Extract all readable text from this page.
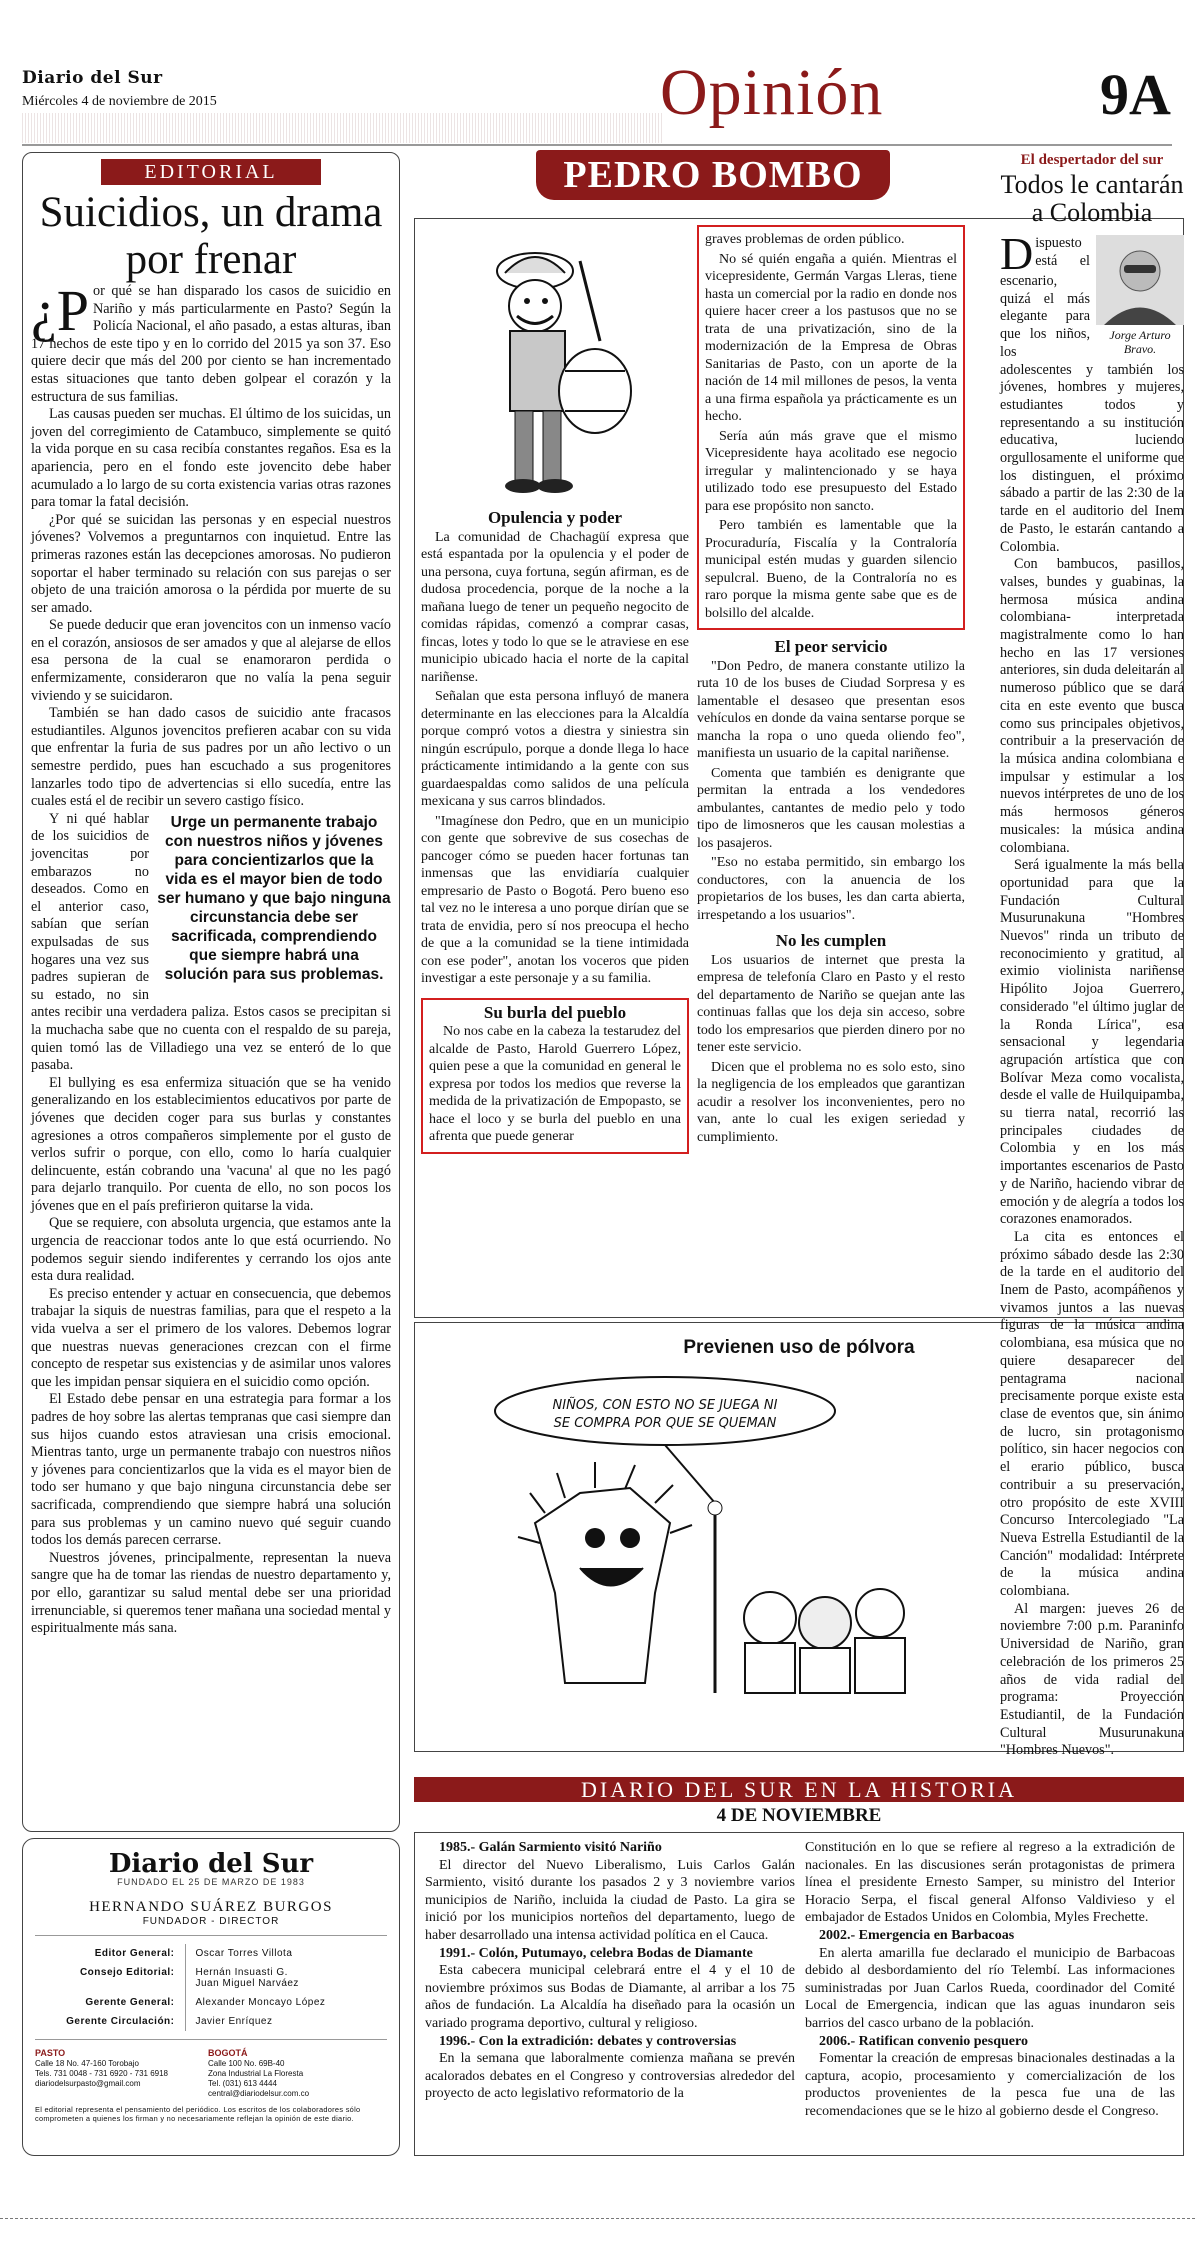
Diario del Sur
Miércoles 4 de noviembre de 2015	Opinión	9A
EDITORIAL
Suicidios, un drama por frenar

¿P or qué se han disparado los casos de suicidio en Nariño y más particularmente en Pasto? Según la Policía Nacional, el año pasado, a estas alturas, iban 17 hechos de este tipo y en lo corrido del 2015 ya son 37. Eso quiere decir que más del 200 por ciento se han incrementado estas situaciones que tanto deben golpear el corazón y la estructura de sus familias.

Las causas pueden ser muchas. El último de los suicidas, un joven del corregimiento de Catambuco, simplemente se quitó la vida porque en su casa recibía constantes regaños. Esa es la apariencia, pero en el fondo este jovencito debe haber acumulado a lo largo de su corta existencia varias otras razones para tomar la fatal decisión.

¿Por qué se suicidan las personas y en especial nuestros jóvenes? Volvemos a preguntarnos con inquietud. Entre las primeras razones están las decepciones amorosas. No pudieron soportar el haber terminado su relación con sus parejas o ser objeto de una traición amorosa o la pérdida por muerte de su ser amado.

Se puede deducir que eran jovencitos con un inmenso vacío en el corazón, ansiosos de ser amados y que al alejarse de ellos esa persona de la cual se enamoraron perdida o enfermizamente, consideraron que no valía la pena seguir viviendo y se suicidaron.

También se han dado casos de suicidio ante fracasos estudiantiles. Algunos jovencitos prefieren acabar con su vida que enfrentar la furia de sus padres por un año lectivo o un semestre perdido, pues han escuchado a sus progenitores lanzarles todo tipo de advertencias si ello sucedía, entre las cuales está el de recibir un severo castigo físico.

Urge un permanente trabajo con nuestros niños y jóvenes para concientizarlos que la vida es el mayor bien de todo ser humano y que bajo ninguna circunstancia debe ser sacrificada, comprendiendo que siempre habrá una solución para sus problemas.

Y ni qué hablar de los suicidios de jovencitas por embarazos no deseados. Como en el anterior caso, sabían que serían expulsadas de sus hogares una vez sus padres supieran de su estado, no sin antes recibir una verdadera paliza. Estos casos se precipitan si la muchacha sabe que no cuenta con el respaldo de su pareja, quien tomó las de Villadiego una vez se enteró de lo que pasaba.

El bullying es esa enfermiza situación que se ha venido generalizando en los establecimientos educativos por parte de jóvenes que deciden coger para sus burlas y constantes agresiones a otros compañeros simplemente por el gusto de verlos sufrir o porque, con ello, como lo haría cualquier delincuente, están cobrando una 'vacuna' al que no les pagó para dejarlo tranquilo. Por cuenta de ello, no son pocos los jóvenes que en el país prefirieron quitarse la vida.

Que se requiere, con absoluta urgencia, que estamos ante la urgencia de reaccionar todos ante lo que está ocurriendo. No podemos seguir siendo indiferentes y cerrando los ojos ante esta dura realidad.

Es preciso entender y actuar en consecuencia, que debemos trabajar la siquis de nuestras familias, para que el respeto a la vida vuelva a ser el primero de los valores. Debemos lograr que nuestras nuevas generaciones crezcan con el firme concepto de respetar sus existencias y de asimilar unos valores que les impidan pensar siquiera en el suicidio como opción.

El Estado debe pensar en una estrategia para formar a los padres de hoy sobre las alertas tempranas que casi siempre dan sus hijos cuando estos atraviesan una crisis emocional. Mientras tanto, urge un permanente trabajo con nuestros niños y jóvenes para concientizarlos que la vida es el mayor bien de todo ser humano y que bajo ninguna circunstancia debe ser sacrificada, comprendiendo que siempre habrá una solución para sus problemas y un camino nuevo qué seguir cuando todos los demás parecen cerrarse.

Nuestros jóvenes, principalmente, representan la nueva sangre que ha de tomar las riendas de nuestro departamento y, por ello, garantizar su salud mental debe ser una prioridad irrenunciable, si queremos tener mañana una sociedad mental y espiritualmente más sana.

Diario del Sur
FUNDADO EL 25 DE MARZO DE 1983
HERNANDO SUÁREZ BURGOS
FUNDADOR - DIRECTOR
Editor General:	Oscar Torres Villota
Consejo Editorial:	Hernán Insuasti G.
Juan Miguel Narváez
Gerente General:	Alexander Moncayo López
Gerente Circulación:	Javier Enríquez
PASTO
Calle 18 No. 47-160 Torobajo
Tels. 731 0048 - 731 6920 - 731 6918
diariodelsurpasto@gmail.com
BOGOTÁ
Calle 100 No. 69B-40
Zona Industrial La Floresta
Tel. (031) 613 4444
central@diariodelsur.com.co
El editorial representa el pensamiento del periódico. Los escritos de los colaboradores sólo comprometen a quienes los firman y no necesariamente reflejan la opinión de este diario.
PEDRO BOMBO

Opulencia y poder

La comunidad de Chachagüí expresa que está espantada por la opulencia y el poder de una persona, cuya fortuna, según afirman, es de dudosa procedencia, porque de la noche a la mañana luego de tener un pequeño negocito de comidas rápidas, comenzó a comprar casas, fincas, lotes y todo lo que se le atraviese en ese municipio ubicado hacia el norte de la capital nariñense.

Señalan que esta persona influyó de manera determinante en las elecciones para la Alcaldía porque compró votos a diestra y siniestra sin ningún escrúpulo, porque a donde llega lo hace prácticamente intimidando a la gente con sus guardaespaldas como salidos de una película mexicana y sus carros blindados.

"Imagínese don Pedro, que en un municipio con gente que sobrevive de sus cosechas de pancoger cómo se pueden hacer fortunas tan inmensas que las envidiaría cualquier empresario de Pasto o Bogotá. Pero bueno eso tal vez no le interesa a uno porque dirían que se trata de envidia, pero sí nos preocupa el hecho de que a la comunidad se la tiene intimidada con ese poder", anotan los voceros que piden investigar a este personaje y a su familia.

Su burla del pueblo

No nos cabe en la cabeza la testarudez del alcalde de Pasto, Harold Guerrero López, quien pese a que la comunidad en general le expresa por todos los medios que reverse la medida de la privatización de Empopasto, se hace el loco y se burla del pueblo en una afrenta que puede generar

graves problemas de orden público.

No sé quién engaña a quién. Mientras el vicepresidente, Germán Vargas Lleras, tiene hasta un comercial por la radio en donde nos quiere hacer creer a los pastusos que no se trata de una privatización, sino de la modernización de la Empresa de Obras Sanitarias de Pasto, con un aporte de la nación de 14 mil millones de pesos, la venta a una firma española ya prácticamente es un hecho.

Sería aún más grave que el mismo Vicepresidente haya acolitado ese negocio irregular y malintencionado y se haya utilizado todo ese presupuesto del Estado para ese propósito non sancto.

Pero también es lamentable que la Procuraduría, Fiscalía y la Contraloría municipal estén mudas y guarden silencio sepulcral. Bueno, de la Contraloría no es raro porque la misma gente sabe que es de bolsillo del alcalde.

El peor servicio

"Don Pedro, de manera constante utilizo la ruta 10 de los buses de Ciudad Sorpresa y es lamentable el desaseo que presentan esos vehículos en donde da vaina sentarse porque se mancha la ropa o uno queda oliendo feo", manifiesta un usuario de la capital nariñense.

Comenta que también es denigrante que permitan la entrada a los vendedores ambulantes, cantantes de medio pelo y todo tipo de limosneros que les causan molestias a los pasajeros.

"Eso no estaba permitido, sin embargo los conductores, con la anuencia de los propietarios de los buses, les dan carta abierta, irrespetando a los usuarios".

No les cumplen

Los usuarios de internet que presta la empresa de telefonía Claro en Pasto y el resto del departamento de Nariño se quejan ante las continuas fallas que los deja sin acceso, sobre todo los empresarios que pierden dinero por no tener este servicio.

Dicen que el problema no es solo esto, sino la negligencia de los empleados que garantizan acudir a resolver los inconvenientes, pero no van, ante lo cual les exigen seriedad y cumplimiento.

Previenen uso de pólvora
NIÑOS, CON ESTO NO SE JUEGA NI SE COMPRA POR QUE SE QUEMAN
El despertador del sur
Todos le cantarán a Colombia
Jorge Arturo Bravo.

Dispuesto está el escenario, quizá el más elegante para que los niños, los adolescentes y también los jóvenes, hombres y mujeres, estudiantes todos y representando a su institución educativa, luciendo orgullosamente el uniforme que los distinguen, el próximo sábado a partir de las 2:30 de la tarde en el auditorio del Inem de Pasto, le estarán cantando a Colombia.

Con bambucos, pasillos, valses, bundes y guabinas, la hermosa música andina colombiana- interpretada magistralmente como lo han hecho en las 17 versiones anteriores, sin duda deleitarán al numeroso público que se dará cita en este evento que busca como sus principales objetivos, contribuir a la preservación de la música andina colombiana e impulsar y estimular a los nuevos intérpretes de uno de los más hermosos géneros musicales: la música andina colombiana.

Será igualmente la más bella oportunidad para que la Fundación Cultural Musurunakuna "Hombres Nuevos" rinda un tributo de reconocimiento y gratitud, al eximio violinista nariñense Hipólito Jojoa Guerrero, considerado "el último juglar de la Ronda Lírica", esa sensacional y legendaria agrupación artística que con Bolívar Meza como vocalista, desde el valle de Huilquipamba, su tierra natal, recorrió las principales ciudades de Colombia y en los más importantes escenarios de Pasto y de Nariño, haciendo vibrar de emoción y de alegría a todos los corazones enamorados.

La cita es entonces el próximo sábado desde las 2:30 de la tarde en el auditorio del Inem de Pasto, acompáñenos y vivamos juntos a las nuevas figuras de la música andina colombiana, esa música que no quiere desaparecer del pentagrama nacional precisamente porque existe esta clase de eventos que, sin ánimo de lucro, sin protagonismo político, sin hacer negocios con el erario público, busca contribuir a su preservación, otro propósito de este XVIII Concurso Intercolegiado "La Nueva Estrella Estudiantil de la Canción" modalidad: Intérprete de la música andina colombiana.

Al margen: jueves 26 de noviembre 7:00 p.m. Paraninfo Universidad de Nariño, gran celebración de los primeros 25 años de vida radial del programa: Proyección Estudiantil, de la Fundación Cultural Musurunakuna "Hombres Nuevos".

DIARIO DEL SUR EN LA HISTORIA
4 DE NOVIEMBRE

1985.- Galán Sarmiento visitó Nariño

El director del Nuevo Liberalismo, Luis Carlos Galán Sarmiento, visitó durante los pasados 2 y 3 noviembre varios municipios de Nariño, incluida la ciudad de Pasto. La gira se inició por los municipios norteños del departamento, luego de haber desarrollado una intensa actividad política en el Cauca.

1991.- Colón, Putumayo, celebra Bodas de Diamante

Esta cabecera municipal celebrará entre el 4 y el 10 de noviembre próximos sus Bodas de Diamante, al arribar a los 75 años de fundación. La Alcaldía ha diseñado para la ocasión un variado programa deportivo, cultural y religioso.

1996.- Con la extradición: debates y controversias

En la semana que laboralmente comienza mañana se prevén acalorados debates en el Congreso y controversias alrededor del proyecto de acto legislativo reformatorio de la

Constitución en lo que se refiere al regreso a la extradición de nacionales. En las discusiones serán protagonistas de primera línea el presidente Ernesto Samper, su ministro del Interior Horacio Serpa, el fiscal general Alfonso Valdivieso y el embajador de Estados Unidos en Colombia, Myles Frechette.

2002.- Emergencia en Barbacoas

En alerta amarilla fue declarado el municipio de Barbacoas debido al desbordamiento del río Telembí. Las informaciones suministradas por Juan Carlos Rueda, coordinador del Comité Local de Emergencia, indican que las aguas inundaron seis barrios del casco urbano de la población.

2006.- Ratifican convenio pesquero

Fomentar la creación de empresas binacionales destinadas a la captura, acopio, procesamiento y comercialización de los productos provenientes de la pesca fue una de las recomendaciones que se le hizo al gobierno desde el Congreso.
